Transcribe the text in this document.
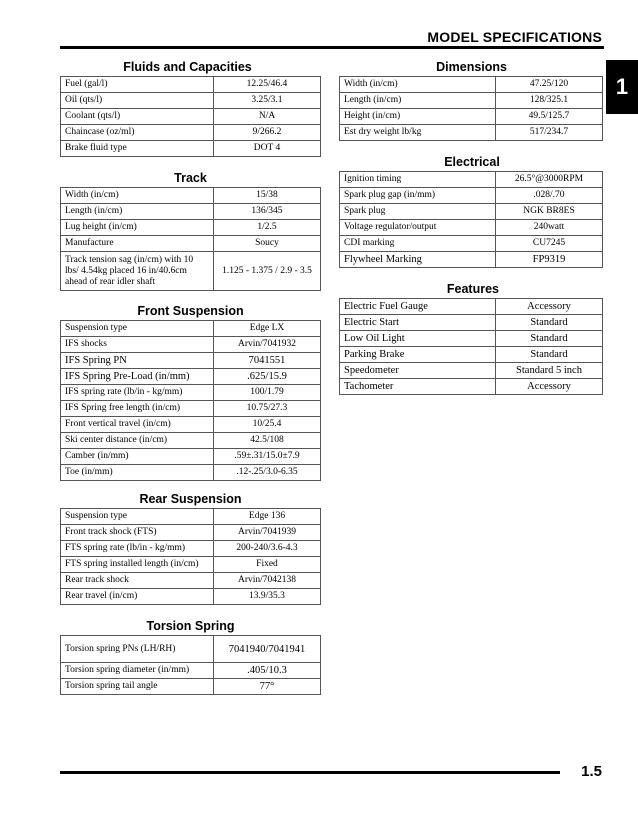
MODEL SPECIFICATIONS
1
Fluids and Capacities
Fuel (gal/l)	12.25/46.4
Oil (qts/l)	3.25/3.1
Coolant (qts/l)	N/A
Chaincase (oz/ml)	9/266.2
Brake fluid type	DOT 4
Track
Width (in/cm)	15/38
Length (in/cm)	136/345
Lug height (in/cm)	1/2.5
Manufacture	Soucy
Track tension sag (in/cm) with 10 lbs/ 4.54kg placed 16 in/40.6cm ahead of rear idler shaft	1.125 - 1.375 / 2.9 - 3.5
Front Suspension
Suspension type	Edge LX
IFS shocks	Arvin/7041932
IFS Spring PN	7041551
IFS Spring Pre-Load (in/mm)	.625/15.9
IFS spring rate (lb/in - kg/mm)	100/1.79
IFS Spring free length (in/cm)	10.75/27.3
Front vertical travel (in/cm)	10/25.4
Ski center distance (in/cm)	42.5/108
Camber (in/mm)	.59±.31/15.0±7.9
Toe (in/mm)	.12-.25/3.0-6.35
Rear Suspension
Suspension type	Edge 136
Front track shock (FTS)	Arvin/7041939
FTS spring rate (lb/in - kg/mm)	200-240/3.6-4.3
FTS spring installed length (in/cm)	Fixed
Rear track shock	Arvin/7042138
Rear travel (in/cm)	13.9/35.3
Torsion Spring
Torsion spring PNs (LH/RH)	7041940/7041941
Torsion spring diameter (in/mm)	.405/10.3
Torsion spring tail angle	77°
Dimensions
Width (in/cm)	47.25/120
Length (in/cm)	128/325.1
Height (in/cm)	49.5/125.7
Est dry weight lb/kg	517/234.7
Electrical
Ignition timing	26.5°@3000RPM
Spark plug gap (in/mm)	.028/.70
Spark plug	NGK BR8ES
Voltage regulator/output	240watt
CDI marking	CU7245
Flywheel Marking	FP9319
Features
Electric Fuel Gauge	Accessory
Electric Start	Standard
Low Oil Light	Standard
Parking Brake	Standard
Speedometer	Standard 5 inch
Tachometer	Accessory
1.5
